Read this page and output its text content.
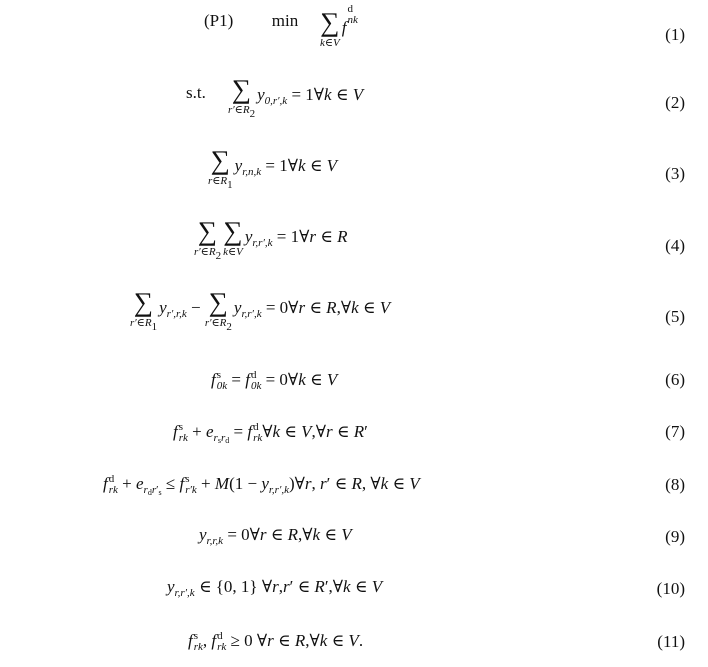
(P1) min ∑
k∈V
f
d
nk
(1)
s.t. ∑
$r'\in R_2$
$y_{0,r',k}$ = 1∀k ∈ V	(2)
∑
$r\in R_1$
$y_{r,n,k}$ = 1∀k ∈ V	(3)
∑
$r'\in R_2$
∑
k∈V
$y_{r,r',k}$ = 1∀r ∈ R	(4)
∑
$r'\in R_1$
$y_{r',r,k}$ − ∑
$r'\in R_2$
$y_{r,r',k}$ = 0∀r ∈ R,∀k ∈ V	(5)
f s
0k = f d
0k = 0∀k ∈ V	(6)
f s
rk + $e_{r_sr_d} = f$ d
rk ∀k ∈ V,∀r ∈ R′	(7)
f d
rk + $e_{r_dr'_s} \le f$ s
$r'k + M(1 - y_{r,r',k})\forall r$, r′ ∈ R, ∀k ∈ V	(8)
$y_{r,r,k}$ = 0∀r ∈ R,∀k ∈ V	(9)
$y_{r,r',k}$ ∈ {0, 1} ∀r,r′ ∈ R′,∀k ∈ V	(10)
f s
rk , f d
rk ≥ 0 ∀r ∈ R,∀k ∈ V.	(11)
